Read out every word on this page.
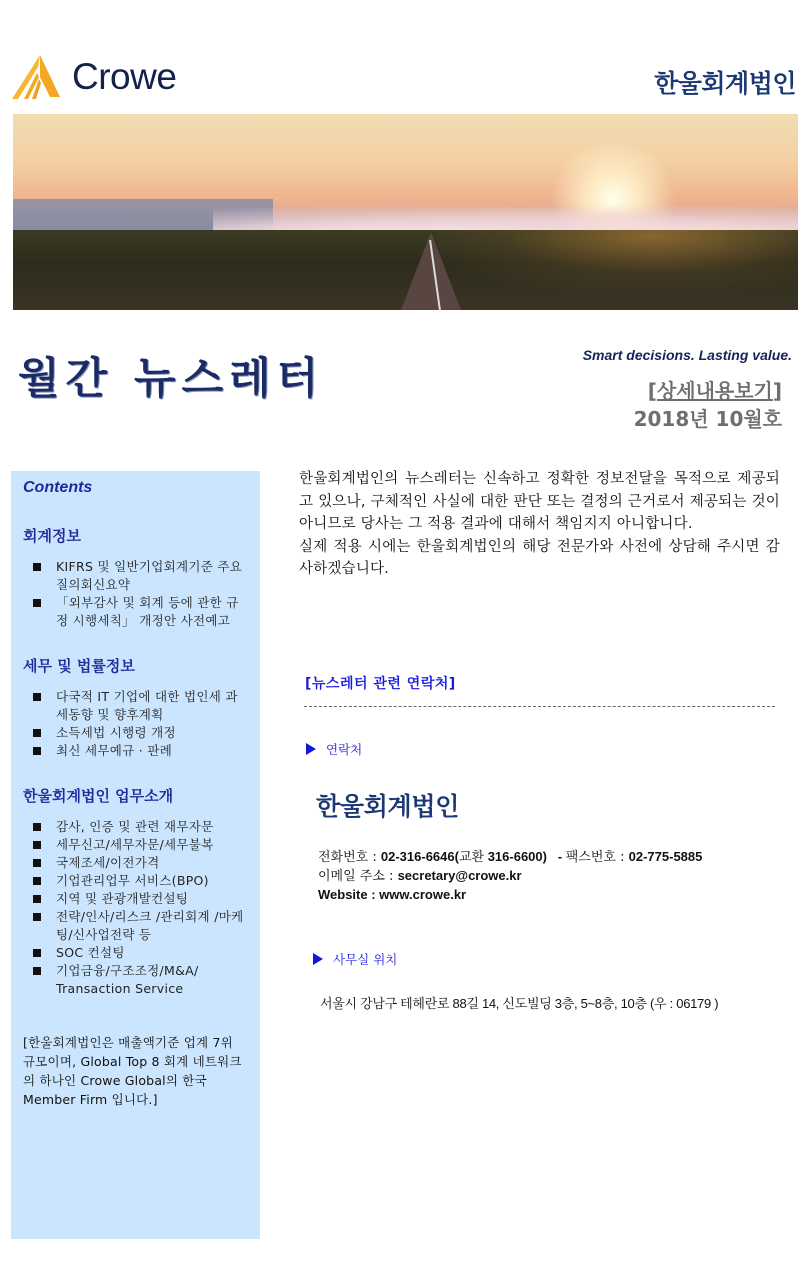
Crowe	한울회계법인
월간 뉴스레터	Smart decisions. Lasting value.
[상세내용보기]
2018년 10월호
Contents
회계정보
KIFRS 및 일반기업회계기준 주요 질의회신요약
「외부감사 및 회계 등에 관한 규정 시행세칙」 개정안 사전예고
세무 및 법률정보
다국적 IT 기업에 대한 법인세 과세동향 및 향후계획
소득세법 시행령 개정
최신 세무예규 · 판례
한울회계법인 업무소개
감사, 인증 및 관련 재무자문
세무신고/세무자문/세무불복
국제조세/이전가격
기업관리업무 서비스(BPO)
지역 및 관광개발컨설팅
전략/인사/리스크 /관리회계 /마케팅/신사업전략 등
SOC 컨설팅
기업금융/구조조정/M&A/ Transaction Service
[한울회계법인은 매출액기준 업계 7위 규모이며, Global Top 8 회계 네트워크의 하나인 Crowe Global의 한국 Member Firm 입니다.]

한울회계법인의 뉴스레터는 신속하고 정확한 정보전달을 목적으로 제공되고 있으나, 구체적인 사실에 대한 판단 또는 결정의 근거로서 제공되는 것이 아니므로 당사는 그 적용 결과에 대해서 책임지지 아니합니다.

실제 적용 시에는 한울회계법인의 해당 전문가와 사전에 상담해 주시면 감사하겠습니다.

[뉴스레터 관련 연락처]
연락처
한울회계법인
전화번호 : 02-316-6646(교환 316-6600)   - 팩스번호 : 02-775-5885
이메일 주소 : secretary@crowe.kr
Website : www.crowe.kr
사무실 위치
서울시 강남구 테헤란로 88길 14, 신도빌딩 3층, 5~8층, 10층 (우 : 06179 )
